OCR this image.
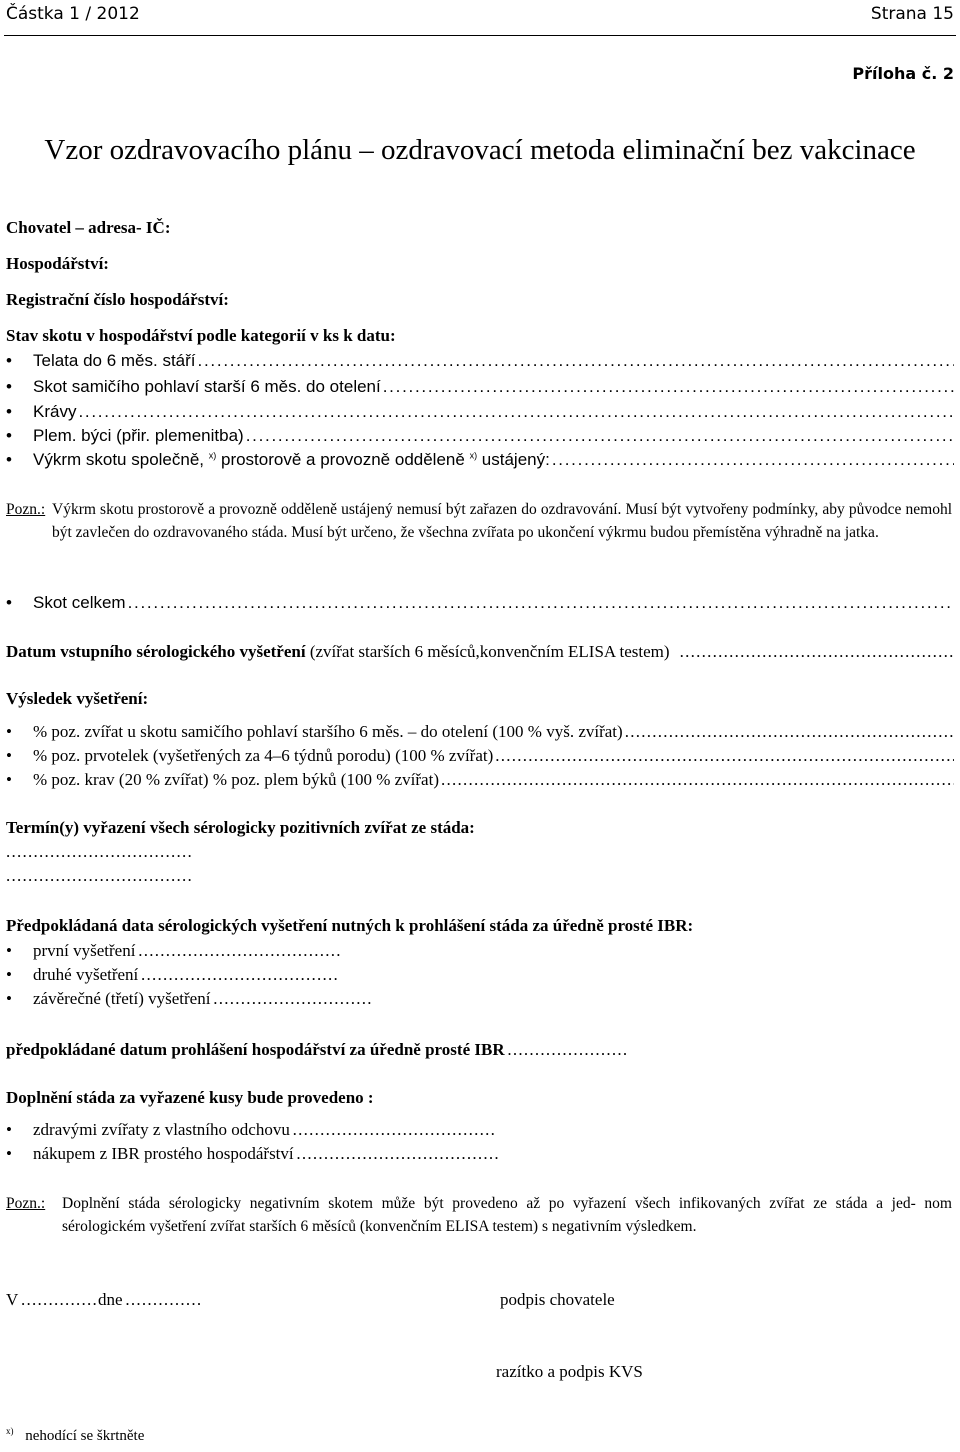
Částka 1 / 2012	Strana 15
Příloha č. 2
Vzor ozdravovacího plánu – ozdravovací metoda eliminační bez vakcinace
Chovatel – adresa- IČ:
Hospodářství:
Registrační číslo hospodářství:
Stav skotu v hospodářství podle kategorií v ks k datu:
•	Telata do 6 měs. stáří
. . .
•	Skot samičího pohlaví starší 6 měs. do otelení
. . .
•	Krávy
. . .
•	Plem. býci (přir. plemenitba)
. . .
•	Výkrm skotu společně, $^{x)}$ prostorově a provozně odděleně $^{x)}$ ustájený:
. . .
Pozn.: Výkrm skotu prostorově a provozně odděleně ustájený nemusí být zařazen do ozdravování. Musí být vytvořeny podmínky, aby původce nemohl být zavlečen do ozdravovaného stáda. Musí být určeno, že všechna zvířata po ukončení výkrmu budou přemístěna výhradně na jatka.
•	Skot celkem
. . .
Datum vstupního sérologického vyšetření (zvířat starších 6 měsíců,konvenčním ELISA testem)
. . .
Výsledek vyšetření:
•	% poz. zvířat u skotu samičího pohlaví staršího 6 měs. – do otelení (100 % vyš. zvířat)
. . .
•	% poz. prvotelek (vyšetřených za 4–6 týdnů porodu) (100 % zvířat)
. . .
•	% poz. krav (20 % zvířat) % poz. plem býků (100 % zvířat)
. . .
Termín(y) vyřazení všech sérologicky pozitivních zvířat ze stáda:
. . . . . . . . . . . . . . . . . . . . . . . . . . . . . . . . . .
. . . . . . . . . . . . . . . . . . . . . . . . . . . . . . . . . .
Předpokládaná data sérologických vyšetření nutných k prohlášení stáda za úředně prosté IBR:
• první vyšetření . . . . . . . . . . . . . . . . . . . . . . . . . . . . . . . . . . . . .
• druhé vyšetření . . . . . . . . . . . . . . . . . . . . . . . . . . . . . . . . . . . .
• závěrečné (třetí) vyšetření . . . . . . . . . . . . . . . . . . . . . . . . . . . . .
předpokládané datum prohlášení hospodářství za úředně prosté IBR . . . . . . . . . . . . . . . . . . . . . .
Doplnění stáda za vyřazené kusy bude provedeno :
• zdravými zvířaty z vlastního odchovu . . . . . . . . . . . . . . . . . . . . . . . . . . . . . . . . . . . . .
• nákupem z IBR prostého hospodářství . . . . . . . . . . . . . . . . . . . . . . . . . . . . . . . . . . . . .
Pozn.:	Doplnění stáda sérologicky negativním skotem může být provedeno až po vyřazení všech infikovaných zvířat ze stáda a jed- nom sérologickém vyšetření zvířat starších 6 měsíců (konvenčním ELISA testem) s negativním výsledkem.
V . . . . . . . . . . . . . . dne . . . . . . . . . . . . . .	podpis chovatele
razítko a podpis KVS
$^{x)}$ nehodící se škrtněte
